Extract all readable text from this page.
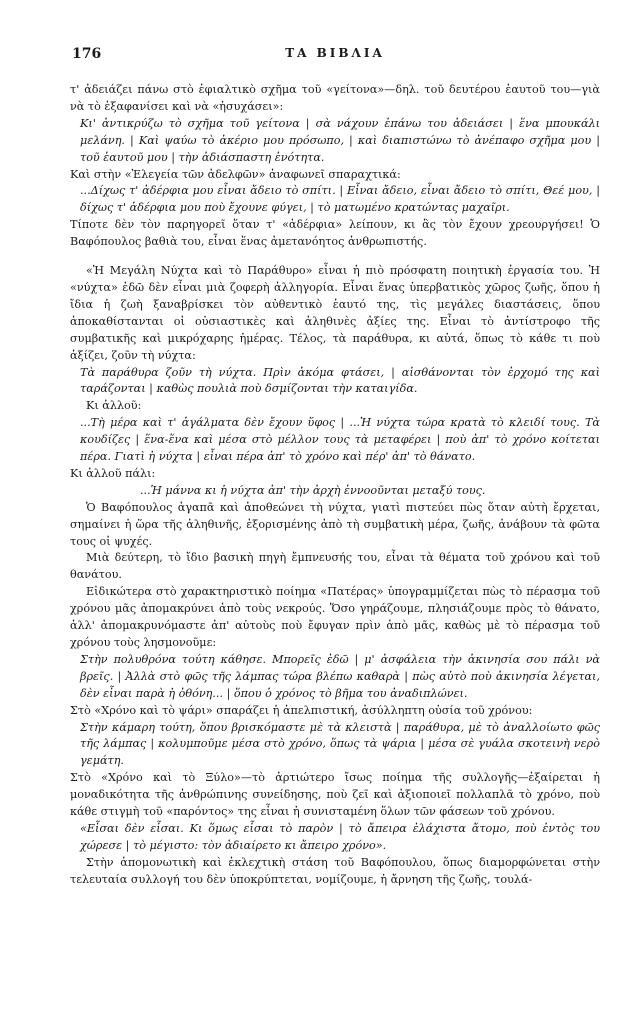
176	ΤΑ ΒΙΒΛΙΑ

τ' ἀδειάζει πάνω στὸ ἐφιαλτικὸ σχῆμα τοῦ «γείτονα»—δηλ. τοῦ δευτέρου ἑαυτοῦ του—γιὰ νὰ τὸ ἐξαφανίσει καὶ νὰ «ἡσυχάσει»:

Κι' ἀντικρύζω τὸ σχῆμα τοῦ γείτονα | σὰ νάχουν ἐπάνω του ἀδειάσει | ἕνα μπουκάλι μελάνη. | Καὶ ψαύω τὸ ἀκέριο μου πρόσωπο, | καὶ διαπιστώνω τὸ ἀνέπαφο σχῆμα μου | τοῦ ἑαυτοῦ μου | τὴν ἀδιάσπαστη ἑνότητα.

Καὶ στὴν «Ἐλεγεία τῶν ἀδελφῶν» ἀναφωνεῖ σπαραχτικά:

...Δίχως τ' ἀδέρφια μου εἶναι ἄδειο τὸ σπίτι. | Εἶναι ἄδειο, εἶναι ἄδειο τὸ σπίτι, Θεέ μου, | δίχως τ' ἀδέρφια μου ποὺ ἔχουνε φύγει, | τὸ ματωμένο κρατώντας μαχαῖρι.

Τίποτε δὲν τὸν παρηγορεῖ ὅταν τ' «ἀδέρφια» λείπουν, κι ἂς τὸν ἔχουν χρεουργήσει! Ὁ Βαφόπουλος βαθιὰ του, εἶναι ἕνας ἀμετανόητος ἀνθρωπιστής.

«Ἡ Μεγάλη Νύχτα καὶ τὸ Παράθυρο» εἶναι ἡ πιὸ πρόσφατη ποιητικὴ ἐργασία του. Ἡ «νύχτα» ἐδῶ δὲν εἶναι μιὰ ζοφερὴ ἀλληγορία. Εἶναι ἕνας ὑπερβατικὸς χῶρος ζωῆς, ὅπου ἡ ἴδια ἡ ζωὴ ξαναβρίσκει τὸν αὐθεντικὸ ἑαυτό της, τὶς μεγάλες διαστάσεις, ὅπου ἀποκαθίστανται οἱ οὐσιαστικὲς καὶ ἀληθινὲς ἀξίες της. Εἶναι τὸ ἀντίστροφο τῆς συμβατικῆς καὶ μικρόχαρης ἡμέρας. Τέλος, τὰ παράθυρα, κι αὐτά, ὅπως τὸ κάθε τι ποὺ ἀξίζει, ζοῦν τὴ νύχτα:

Τὰ παράθυρα ζοῦν τὴ νύχτα. Πρὶν ἀκόμα φτάσει, | αἰσθάνονται τὸν ἐρχομό της καὶ ταράζονται | καθὼς πουλιὰ ποὺ δσμίζονται τὴν καταιγίδα.

Κι ἀλλοῦ:

...Τὴ μέρα καὶ τ' ἀγάλματα δὲν ἔχουν ὕφος | ...Ἡ νύχτα τώρα κρατὰ τὸ κλειδί τους. Τὰ κουδίζες | ἕνα-ἕνα καὶ μέσα στὸ μέλλον τους τὰ μεταφέρει | ποὺ ἀπ' τὸ χρόνο κοίτεται πέρα. Γιατὶ ἡ νύχτα | εἶναι πέρα ἀπ' τὸ χρόνο καὶ πέρ' ἀπ' τὸ θάνατο.

Κι ἀλλοῦ πάλι:

...Ἡ μάννα κι ἡ νύχτα ἀπ' τὴν ἀρχὴ ἐννοοῦνται μεταξύ τους.

Ὁ Βαφόπουλος ἀγαπᾶ καὶ ἀποθεώνει τὴ νύχτα, γιατὶ πιστεύει πὼς ὅταν αὐτὴ ἔρχεται, σημαίνει ἡ ὥρα τῆς ἀληθινῆς, ἐξορισμένης ἀπὸ τὴ συμβατικὴ μέρα, ζωῆς, ἀνάβουν τὰ φῶτα τους οἱ ψυχές.

Μιὰ δεύτερη, τὸ ἴδιο βασικὴ πηγὴ ἔμπνευσής του, εἶναι τὰ θέματα τοῦ χρόνου καὶ τοῦ θανάτου.

Εἰδικώτερα στὸ χαρακτηριστικὸ ποίημα «Πατέρας» ὑπογραμμίζεται πὼς τὸ πέρασμα τοῦ χρόνου μᾶς ἀπομακρύνει ἀπὸ τοὺς νεκρούς. Ὅσο γηράζουμε, πλησιάζουμε πρὸς τὸ θάνατο, ἀλλ' ἀπομακρυνόμαστε ἀπ' αὐτοὺς ποὺ ἔφυγαν πρὶν ἀπὸ μᾶς, καθὼς μὲ τὸ πέρασμα τοῦ χρόνου τοὺς λησμονοῦμε:

Στὴν πολυθρόνα τούτη κάθησε. Μπορεῖς ἐδῶ | μ' ἀσφάλεια τὴν ἀκινησία σου πάλι νὰ βρεῖς. | Ἀλλὰ στὸ φῶς τῆς λάμπας τώρα βλέπω καθαρὰ | πὼς αὐτὸ ποὺ ἀκινησία λέγεται, δὲν εἶναι παρὰ ἡ ὀθόνη... | ὅπου ὁ χρόνος τὸ βῆμα του ἀναδιπλώνει.

Στὸ «Χρόνο καὶ τὸ ψάρι» σπαράζει ἡ ἀπελπιστική, ἀσύλληπτη οὐσία τοῦ χρόνου:

Στὴν κάμαρη τούτη, ὅπου βρισκόμαστε μὲ τὰ κλειστὰ | παράθυρα, μὲ τὸ ἀναλλοίωτο φῶς τῆς λάμπας | κολυμποῦμε μέσα στὸ χρόνο, ὅπως τὰ ψάρια | μέσα σὲ γυάλα σκοτεινὴ νερὸ γεμάτη.

Στὸ «Χρόνο καὶ τὸ Ξύλο»—τὸ ἀρτιώτερο ἴσως ποίημα τῆς συλλογῆς—ἐξαίρεται ἡ μοναδικότητα τῆς ἀνθρώπινης συνείδησης, ποὺ ζεῖ καὶ ἀξιοποιεῖ πολλαπλᾶ τὸ χρόνο, ποὺ κάθε στιγμὴ τοῦ «παρόντος» της εἶναι ἡ συνισταμένη ὅλων τῶν φάσεων τοῦ χρόνου.

«Εἶσαι δὲν εἶσαι. Κι ὅμως εἶσαι τὸ παρὸν | τὸ ἄπειρα ἐλάχιστα ἄτομο, ποὺ ἐντὸς του χώρεσε | τὸ μέγιστο: τὸν ἀδιαίρετο κι ἄπειρο χρόνο».

Στὴν ἀπομονωτικὴ καὶ ἐκλεχτικὴ στάση τοῦ Βαφόπουλου, ὅπως διαμορφώνεται στὴν τελευταία συλλογή του δὲν ὑποκρύπτεται, νομίζουμε, ἡ ἄρνηση τῆς ζωῆς, τουλά-
